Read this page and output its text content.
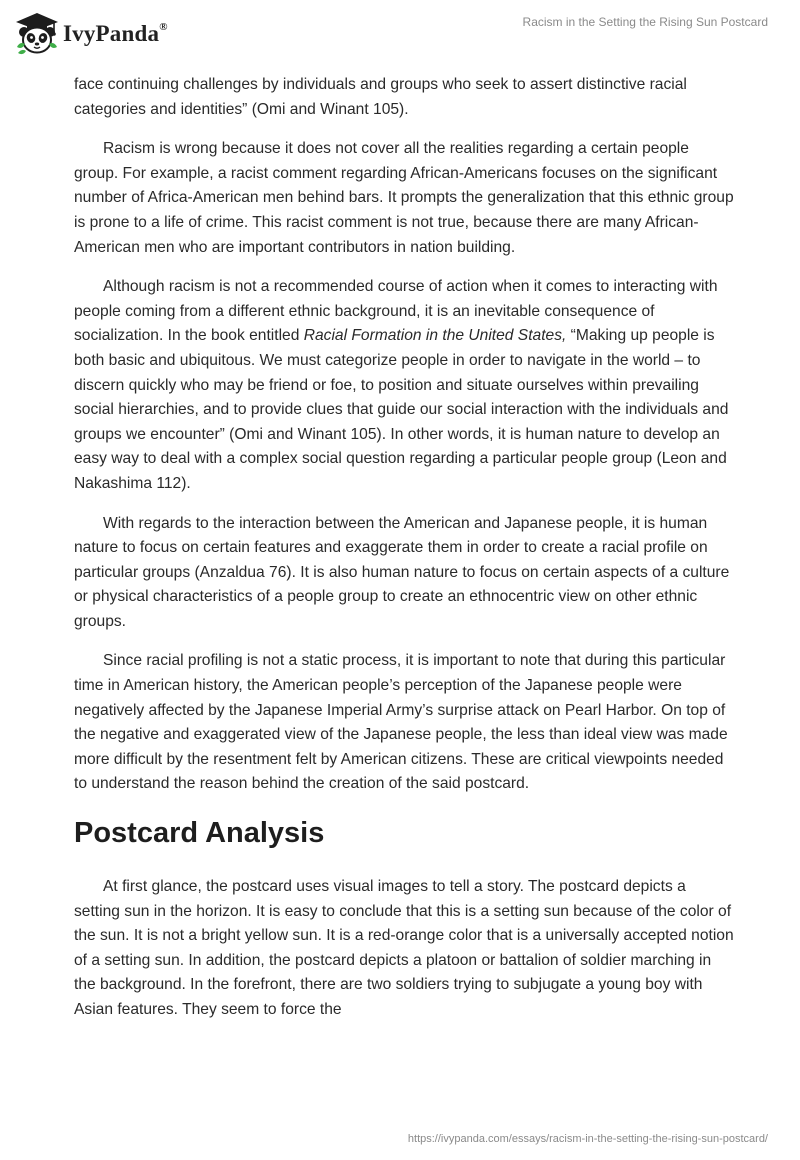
IvyPanda®	Racism in the Setting the Rising Sun Postcard

face continuing challenges by individuals and groups who seek to assert distinctive racial categories and identities” (Omi and Winant 105).

Racism is wrong because it does not cover all the realities regarding a certain people group. For example, a racist comment regarding African-Americans focuses on the significant number of Africa-American men behind bars. It prompts the generalization that this ethnic group is prone to a life of crime. This racist comment is not true, because there are many African-American men who are important contributors in nation building.

Although racism is not a recommended course of action when it comes to interacting with people coming from a different ethnic background, it is an inevitable consequence of socialization. In the book entitled Racial Formation in the United States, “Making up people is both basic and ubiquitous. We must categorize people in order to navigate in the world – to discern quickly who may be friend or foe, to position and situate ourselves within prevailing social hierarchies, and to provide clues that guide our social interaction with the individuals and groups we encounter” (Omi and Winant 105). In other words, it is human nature to develop an easy way to deal with a complex social question regarding a particular people group (Leon and Nakashima 112).

With regards to the interaction between the American and Japanese people, it is human nature to focus on certain features and exaggerate them in order to create a racial profile on particular groups (Anzaldua 76). It is also human nature to focus on certain aspects of a culture or physical characteristics of a people group to create an ethnocentric view on other ethnic groups.

Since racial profiling is not a static process, it is important to note that during this particular time in American history, the American people’s perception of the Japanese people were negatively affected by the Japanese Imperial Army’s surprise attack on Pearl Harbor. On top of the negative and exaggerated view of the Japanese people, the less than ideal view was made more difficult by the resentment felt by American citizens. These are critical viewpoints needed to understand the reason behind the creation of the said postcard.

Postcard Analysis

At first glance, the postcard uses visual images to tell a story. The postcard depicts a setting sun in the horizon. It is easy to conclude that this is a setting sun because of the color of the sun. It is not a bright yellow sun. It is a red-orange color that is a universally accepted notion of a setting sun. In addition, the postcard depicts a platoon or battalion of soldier marching in the background. In the forefront, there are two soldiers trying to subjugate a young boy with Asian features. They seem to force the

https://ivypanda.com/essays/racism-in-the-setting-the-rising-sun-postcard/
